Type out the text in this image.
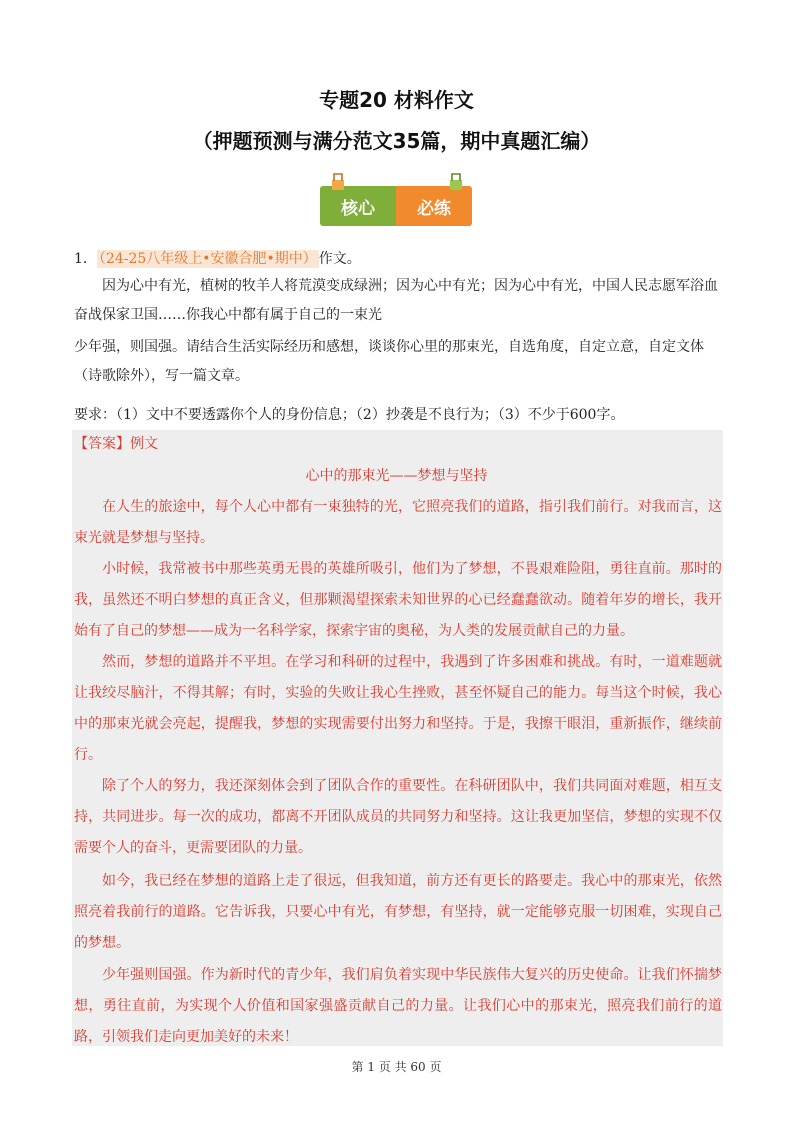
专题20 材料作文
（押题预测与满分范文35篇，期中真题汇编）
核心	必练
1． （24-25八年级上•安徽合肥•期中） 作文。

因为心中有光，植树的牧羊人将荒漠变成绿洲；因为心中有光；因为心中有光，中国人民志愿军浴血奋战保家卫国……你我心中都有属于自己的一束光

少年强，则国强。请结合生活实际经历和感想，谈谈你心里的那束光，自选角度，自定立意，自定文体（诗歌除外），写一篇文章。

要求：（1）文中不要透露你个人的身份信息；（2）抄袭是不良行为；（3）不少于600字。

【答案】例文

心中的那束光——梦想与坚持

在人生的旅途中，每个人心中都有一束独特的光，它照亮我们的道路，指引我们前行。对我而言，这束光就是梦想与坚持。

小时候，我常被书中那些英勇无畏的英雄所吸引，他们为了梦想，不畏艰难险阻，勇往直前。那时的我，虽然还不明白梦想的真正含义，但那颗渴望探索未知世界的心已经蠢蠢欲动。随着年岁的增长，我开始有了自己的梦想——成为一名科学家，探索宇宙的奥秘，为人类的发展贡献自己的力量。

然而，梦想的道路并不平坦。在学习和科研的过程中，我遇到了许多困难和挑战。有时，一道难题就让我绞尽脑汁，不得其解；有时，实验的失败让我心生挫败，甚至怀疑自己的能力。每当这个时候，我心中的那束光就会亮起，提醒我，梦想的实现需要付出努力和坚持。于是，我擦干眼泪，重新振作，继续前行。

除了个人的努力，我还深刻体会到了团队合作的重要性。在科研团队中，我们共同面对难题，相互支持，共同进步。每一次的成功，都离不开团队成员的共同努力和坚持。这让我更加坚信，梦想的实现不仅需要个人的奋斗，更需要团队的力量。

如今，我已经在梦想的道路上走了很远，但我知道，前方还有更长的路要走。我心中的那束光，依然照亮着我前行的道路。它告诉我，只要心中有光，有梦想，有坚持，就一定能够克服一切困难，实现自己的梦想。

少年强则国强。作为新时代的青少年，我们肩负着实现中华民族伟大复兴的历史使命。让我们怀揣梦想，勇往直前，为实现个人价值和国家强盛贡献自己的力量。让我们心中的那束光，照亮我们前行的道路，引领我们走向更加美好的未来！

第 1 页 共 60 页
